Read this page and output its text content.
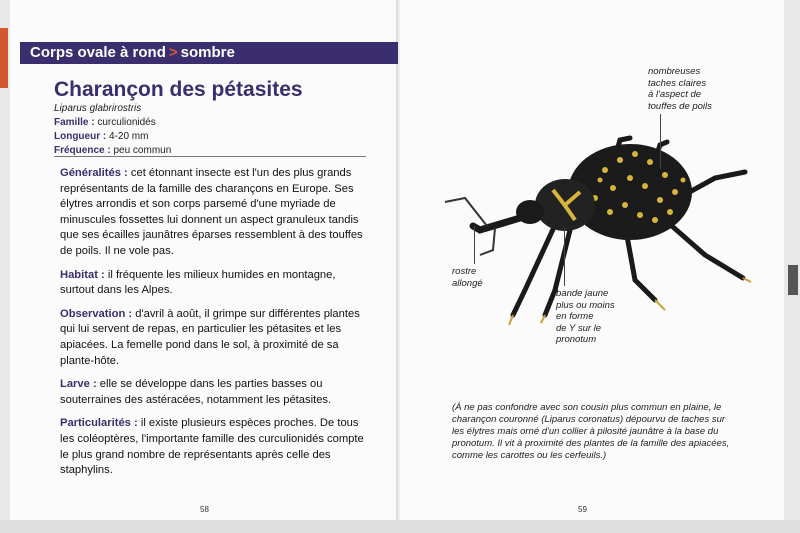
Corps ovale à rond > sombre
Charançon des pétasites
Liparus glabrirostris
Famille : curculionidés
Longueur : 4-20 mm
Fréquence : peu commun

Généralités : cet étonnant insecte est l'un des plus grands représentants de la famille des charançons en Europe. Ses élytres arrondis et son corps parsemé d'une myriade de minuscules fossettes lui donnent un aspect granuleux tandis que ses écailles jaunâtres éparses ressemblent à des touffes de poils. Il ne vole pas.

Habitat : il fréquente les milieux humides en montagne, surtout dans les Alpes.

Observation : d'avril à août, il grimpe sur différentes plantes qui lui servent de repas, en particulier les pétasites et les apiacées. La femelle pond dans le sol, à proximité de sa plante-hôte.

Larve : elle se développe dans les parties basses ou souterraines des astéracées, notamment les pétasites.

Particularités : il existe plusieurs espèces proches. De tous les coléoptères, l'importante famille des curculionidés compte le plus grand nombre de représentants après celle des staphylins.

58
nombreuses
taches claires
à l'aspect de
touffes de poils
rostre
allongé
bande jaune
plus ou moins
en forme
de Y sur le
pronotum
(À ne pas confondre avec son cousin plus commun en plaine, le charançon couronné (Liparus coronatus) dépourvu de taches sur les élytres mais orné d'un collier à pilosité jaunâtre à la base du pronotum. Il vit à proximité des plantes de la famille des apiacées, comme les carottes ou les cerfeuils.)
59
